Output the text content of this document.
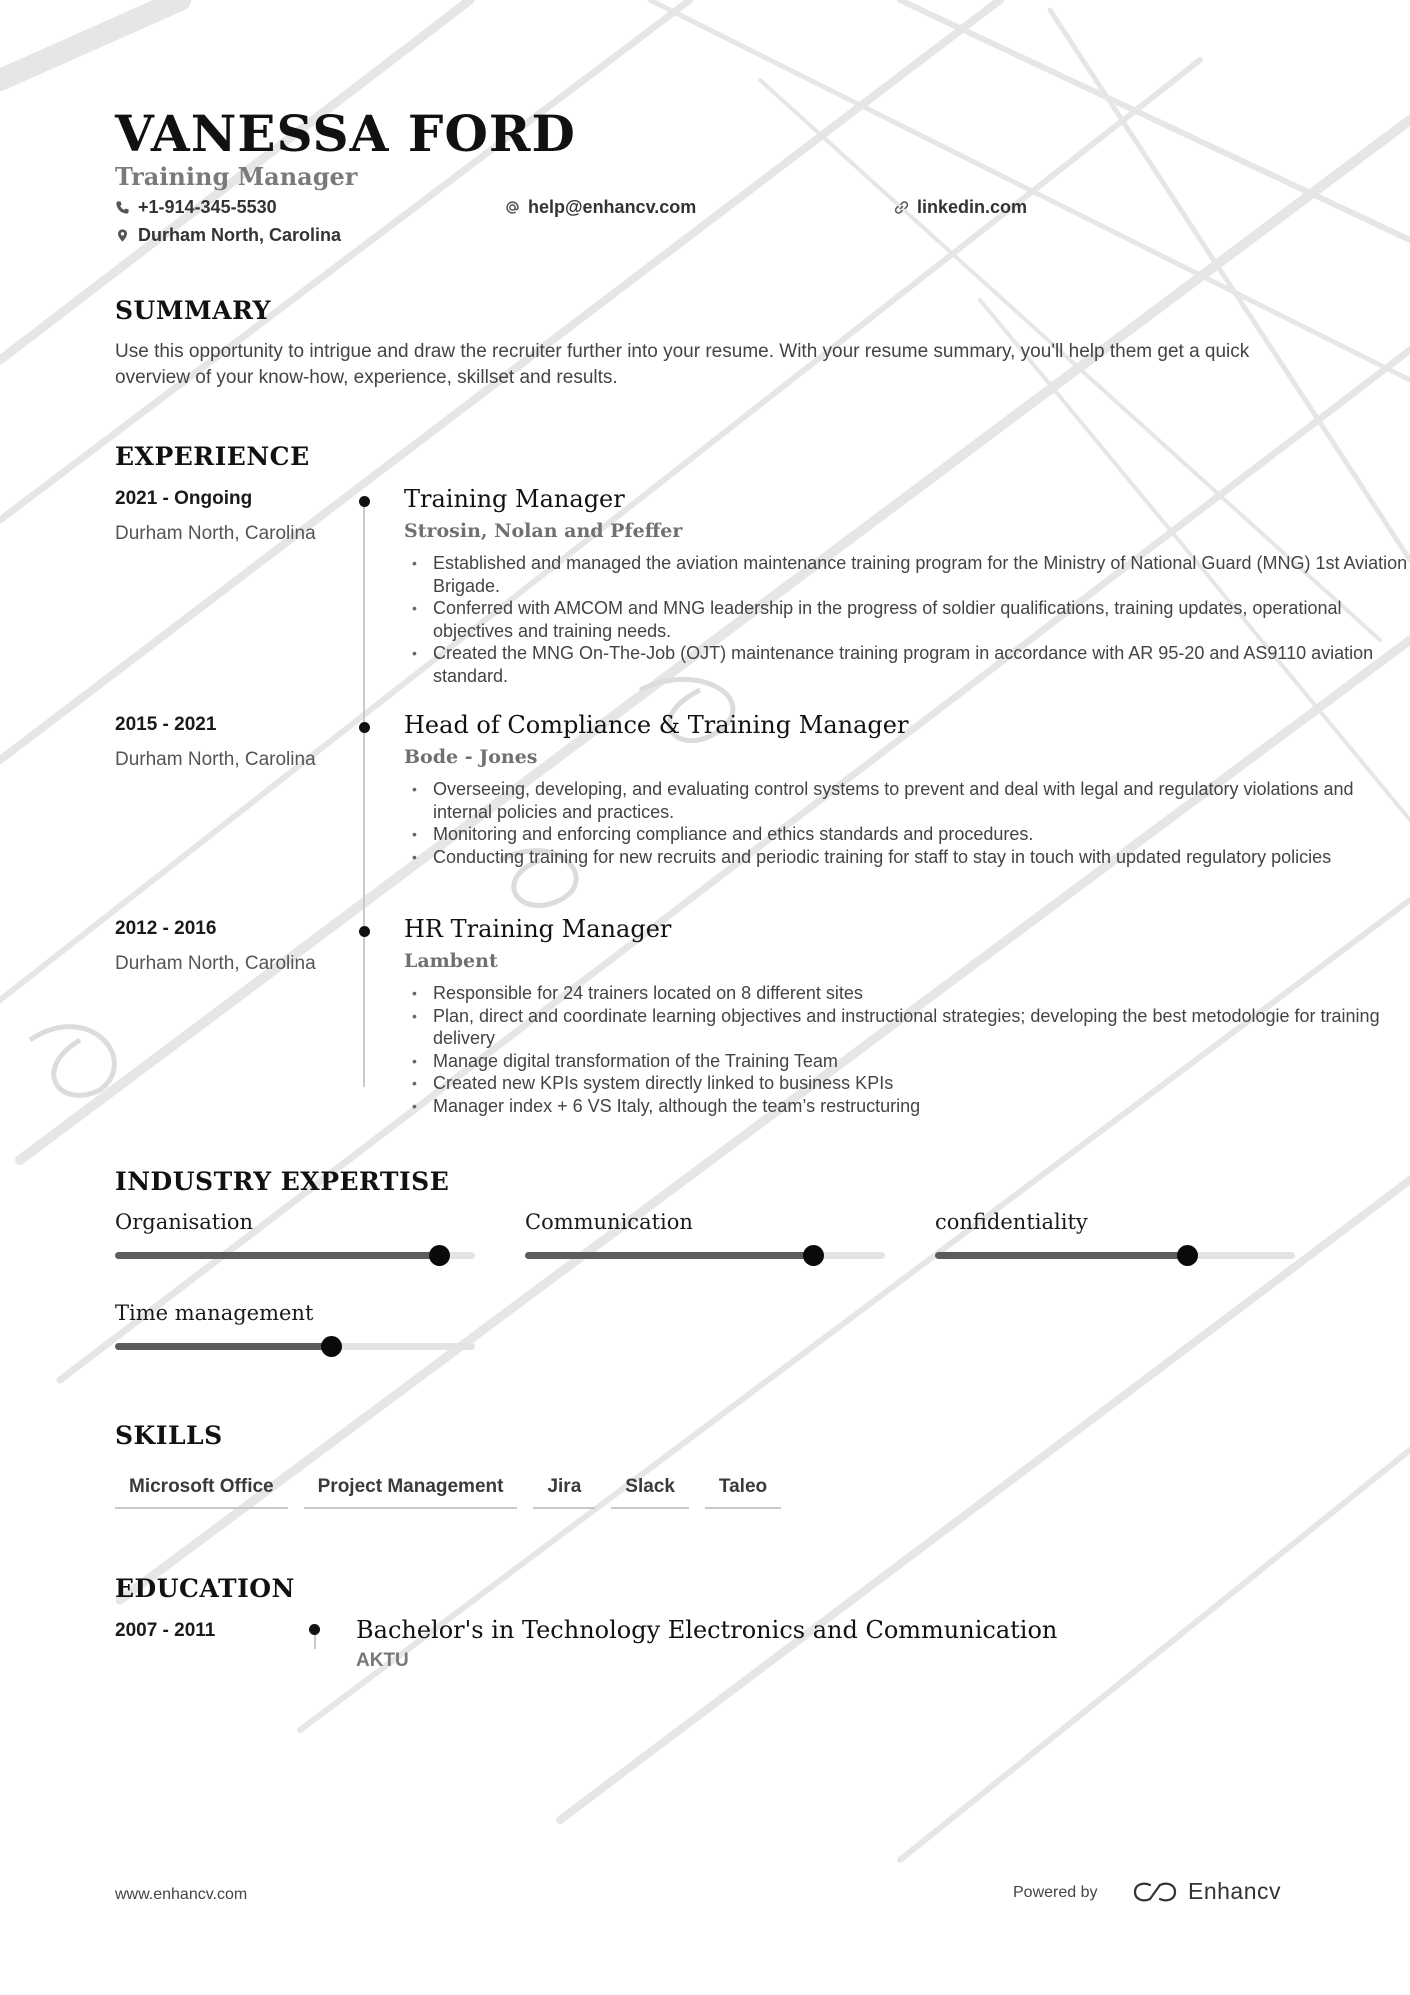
VANESSA FORD
Training Manager
+1-914-345-5530	help@enhancv.com	linkedin.com
Durham North, Carolina
SUMMARY
Use this opportunity to intrigue and draw the recruiter further into your resume. With your resume summary, you'll help them get a quick overview of your know-how, experience, skillset and results.
EXPERIENCE
2021 - Ongoing
Durham North, Carolina
Training Manager
Strosin, Nolan and Pfeffer
• Established and managed the aviation maintenance training program for the Ministry of National Guard (MNG) 1st Aviation Brigade.
• Conferred with AMCOM and MNG leadership in the progress of soldier qualifications, training updates, operational objectives and training needs.
• Created the MNG On-The-Job (OJT) maintenance training program in accordance with AR 95-20 and AS9110 aviation standard.
2015 - 2021
Durham North, Carolina
Head of Compliance & Training Manager
Bode - Jones
• Overseeing, developing, and evaluating control systems to prevent and deal with legal and regulatory violations and internal policies and practices.
• Monitoring and enforcing compliance and ethics standards and procedures.
• Conducting training for new recruits and periodic training for staff to stay in touch with updated regulatory policies
2012 - 2016
Durham North, Carolina
HR Training Manager
Lambent
• Responsible for 24 trainers located on 8 different sites
• Plan, direct and coordinate learning objectives and instructional strategies; developing the best metodologie for training delivery
• Manage digital transformation of the Training Team
• Created new KPIs system directly linked to business KPIs
• Manager index + 6 VS Italy, although the team’s restructuring
INDUSTRY EXPERTISE
Organisation	Communication	confidentiality
Time management
SKILLS
Microsoft Office	Project Management	Jira	Slack	Taleo
EDUCATION
2007 - 2011	Bachelor's in Technology Electronics and Communication
AKTU
www.enhancv.com	Powered by	Enhancv
